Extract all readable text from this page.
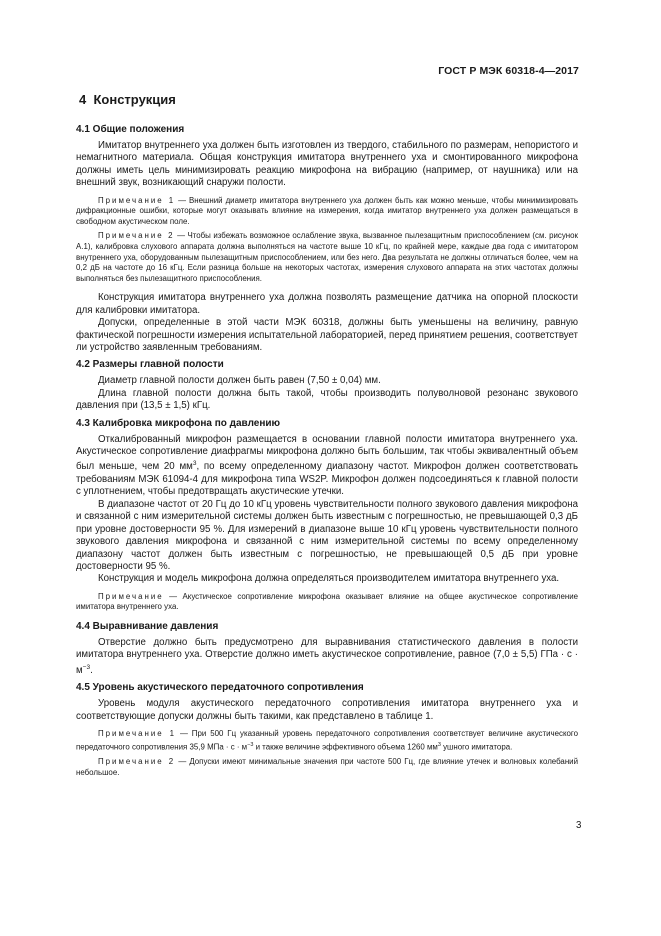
ГОСТ Р МЭК 60318-4—2017
4 Конструкция
4.1 Общие положения

Имитатор внутреннего уха должен быть изготовлен из твердого, стабильного по размерам, непористого и немагнитного материала. Общая конструкция имитатора внутреннего уха и смонтированного микрофона должны иметь цель минимизировать реакцию микрофона на вибрацию (например, от наушника) или на внешний звук, возникающий снаружи полости.

Примечание 1 — Внешний диаметр имитатора внутреннего уха должен быть как можно меньше, чтобы минимизировать дифракционные ошибки, которые могут оказывать влияние на измерения, когда имитатор внутреннего уха должен размещаться в свободном акустическом поле.

Примечание 2 — Чтобы избежать возможное ослабление звука, вызванное пылезащитным приспособлением (см. рисунок А.1), калибровка слухового аппарата должна выполняться на частоте выше 10 кГц, по крайней мере, каждые два года с имитатором внутреннего уха, оборудованным пылезащитным приспособлением, или без него. Два результата не должны отличаться более, чем на 0,2 дБ на частоте до 16 кГц. Если разница больше на некоторых частотах, измерения слухового аппарата на этих частотах должны выполняться без пылезащитного приспособления.

Конструкция имитатора внутреннего уха должна позволять размещение датчика на опорной плоскости для калибровки имитатора.

Допуски, определенные в этой части МЭК 60318, должны быть уменьшены на величину, равную фактической погрешности измерения испытательной лабораторией, перед принятием решения, соответствует ли устройство заявленным требованиям.

4.2 Размеры главной полости

Диаметр главной полости должен быть равен (7,50 ± 0,04) мм.

Длина главной полости должна быть такой, чтобы производить полуволновой резонанс звукового давления при (13,5 ± 1,5) кГц.

4.3 Калибровка микрофона по давлению

Откалиброванный микрофон размещается в основании главной полости имитатора внутреннего уха. Акустическое сопротивление диафрагмы микрофона должно быть большим, так чтобы эквивалентный объем был меньше, чем 20 $мм^3$, по всему определенному диапазону частот. Микрофон должен соответствовать требованиям МЭК 61094-4 для микрофона типа WS2P. Микрофон должен подсоединяться к главной полости с уплотнением, чтобы предотвращать акустические утечки.

В диапазоне частот от 20 Гц до 10 кГц уровень чувствительности полного звукового давления микрофона и связанной с ним измерительной системы должен быть известным с погрешностью, не превышающей 0,3 дБ при уровне достоверности 95 %. Для измерений в диапазоне выше 10 кГц уровень чувствительности полного звукового давления микрофона и связанной с ним измерительной системы по всему определенному диапазону частот должен быть известным с погрешностью, не превышающей 0,5 дБ при уровне достоверности 95 %.

Конструкция и модель микрофона должна определяться производителем имитатора внутреннего уха.

Примечание — Акустическое сопротивление микрофона оказывает влияние на общее акустическое сопротивление имитатора внутреннего уха.

4.4 Выравнивание давления

Отверстие должно быть предусмотрено для выравнивания статистического давления в полости имитатора внутреннего уха. Отверстие должно иметь акустическое сопротивление, равное (7,0 ± 5,5) ГПа · $с \cdot м^{-3}$.

4.5 Уровень акустического передаточного сопротивления

Уровень модуля акустического передаточного сопротивления имитатора внутреннего уха и соответствующие допуски должны быть такими, как представлено в таблице 1.

Примечание 1 — При 500 Гц указанный уровень передаточного сопротивления соответствует величине акустического передаточного сопротивления 35,9 МПа · $с \cdot м^{-3}$ и также величине эффективного объема 1260 $мм^3$ ушного имитатора.

Примечание 2 — Допуски имеют минимальные значения при частоте 500 Гц, где влияние утечек и волновых колебаний небольшое.

3
